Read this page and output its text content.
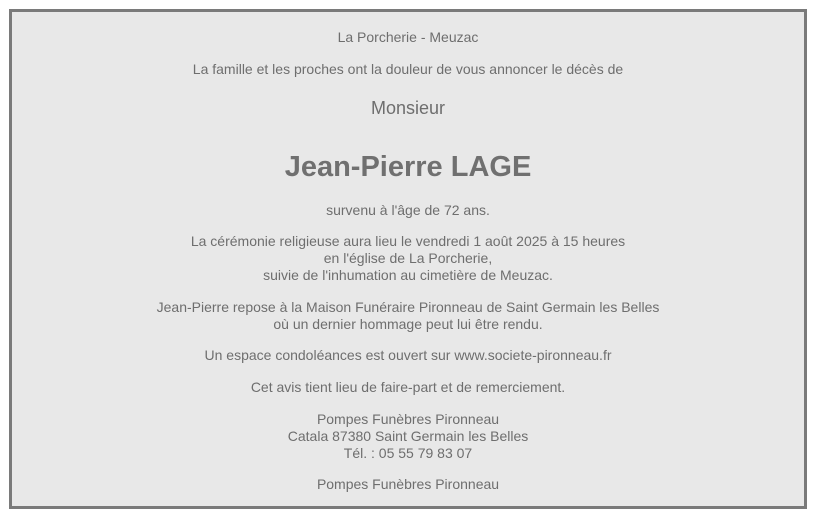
La Porcherie - Meuzac

La famille et les proches ont la douleur de vous annoncer le décès de

Monsieur

Jean-Pierre LAGE

survenu à l'âge de 72 ans.

La cérémonie religieuse aura lieu le vendredi 1 août 2025 à 15 heures

en l'église de La Porcherie,

suivie de l'inhumation au cimetière de Meuzac.

Jean-Pierre repose à la Maison Funéraire Pironneau de Saint Germain les Belles

où un dernier hommage peut lui être rendu.

Un espace condoléances est ouvert sur www.societe-pironneau.fr

Cet avis tient lieu de faire-part et de remerciement.

Pompes Funèbres Pironneau

Catala 87380 Saint Germain les Belles

Tél. : 05 55 79 83 07

Pompes Funèbres Pironneau
